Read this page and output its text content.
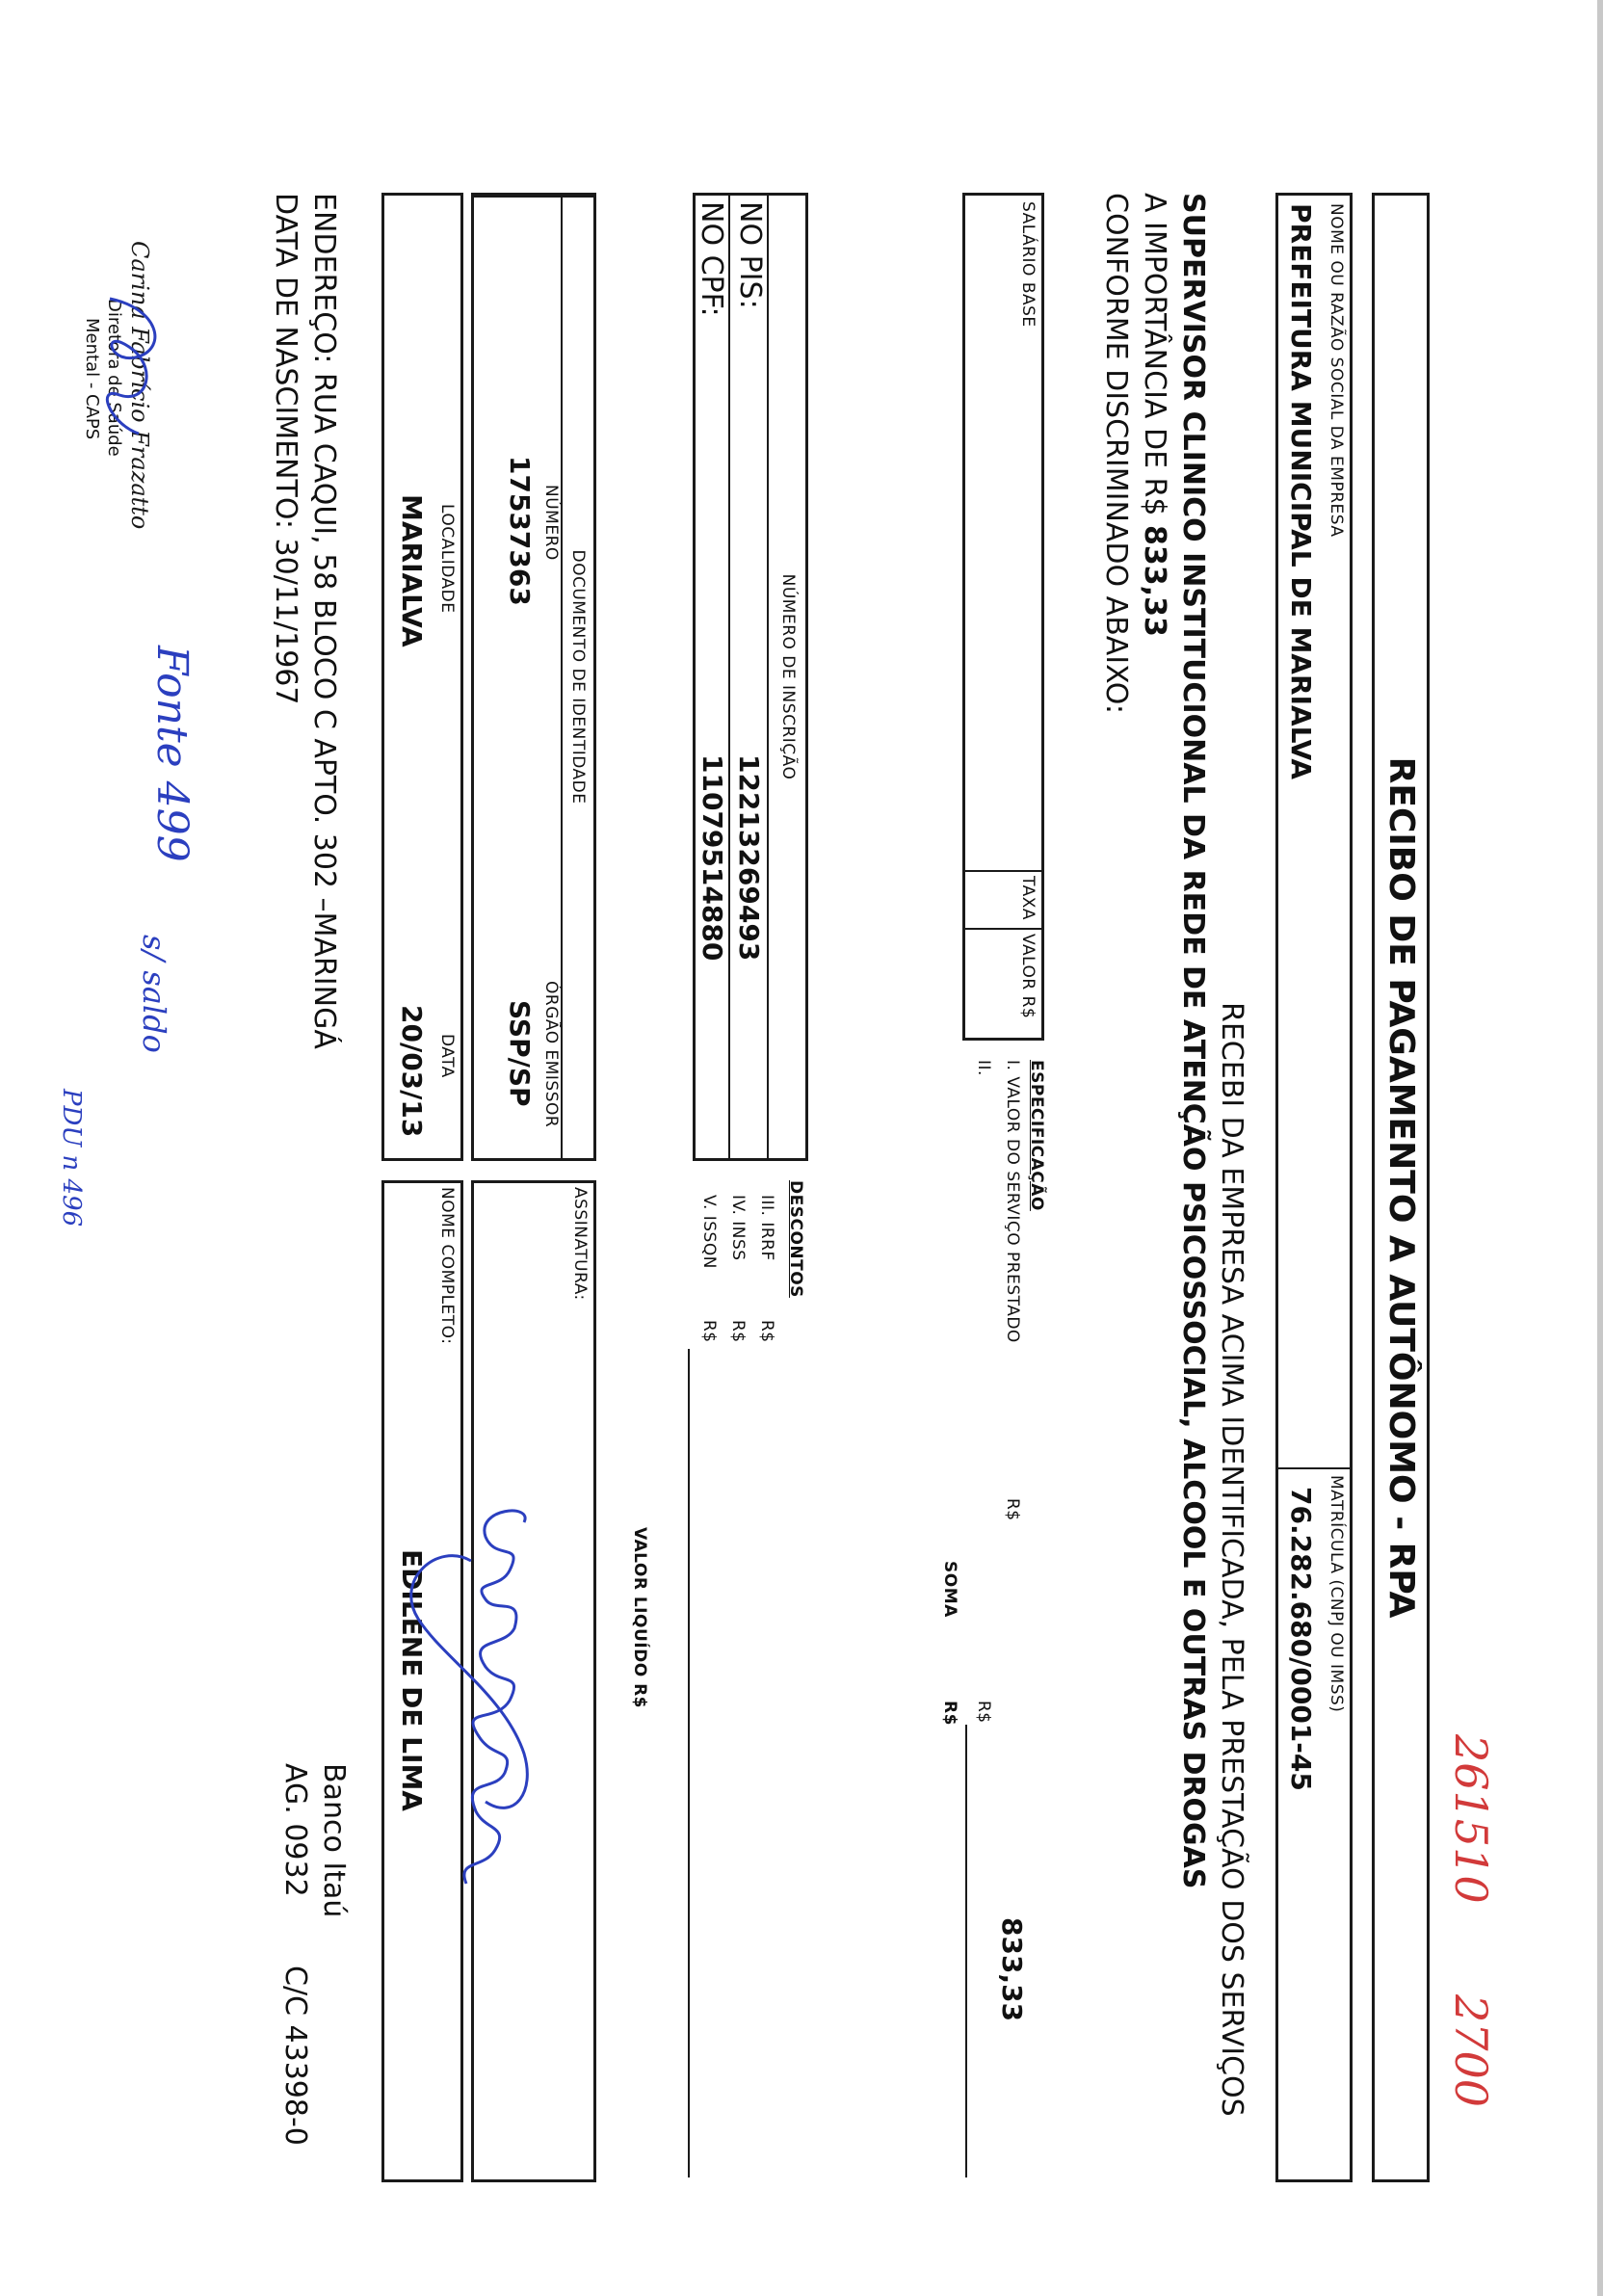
RECIBO DE PAGAMENTO A AUTÔNOMO - RPA
NOME OU RAZÃO SOCIAL DA EMPRESA
PREFEITURA MUNICIPAL DE MARIALVA
MATRÍCULA (CNPJ OU IMSS)
76.282.680/0001-45
RECEBI DA EMPRESA ACIMA IDENTIFICADA, PELA PRESTAÇÃO DOS SERVIÇOS
SUPERVISOR CLINICO INSTITUCIONAL DA REDE DE ATENÇÃO PSICOSSOCIAL, ALCOOL E OUTRAS DROGAS
A IMPORTÂNCIA DE R$ 833,33
CONFORME DISCRIMINADO ABAIXO:
SALÁRIO BASE
TAXA
VALOR R$
ESPECIFICAÇÃO
I. VALOR DO SERVIÇO PRESTADO
R$
833,33
II.
R$
SOMA
R$
NÚMERO DE INSCRIÇÃO
NO PIS:
12213269493
NO CPF:
11079514880
DESCONTOS
III. IRRF
R$
IV. INSS
R$
V. ISSQN
R$
VALOR LIQUÍDO R$
DOCUMENTO DE IDENTIDADE
NÚMERO
17537363
ÓRGÃO EMISSOR
SSP/SP
LOCALIDADE
MARIALVA
DATA
20/03/13
ASSINATURA:
NOME COMPLETO:
EDILENE DE LIMA
ENDEREÇO: RUA CAQUI, 58 BLOCO C APTO. 302 –MARINGÁ
DATA DE NASCIMENTO: 30/11/1967
Banco Itaú
AG. 0932
C/C 43398-0
261510
2700
Fonte 499
s/ saldo
PDU n 496
Carina Fabrício Frazatto
Diretora de Saúde
Mental - CAPS
